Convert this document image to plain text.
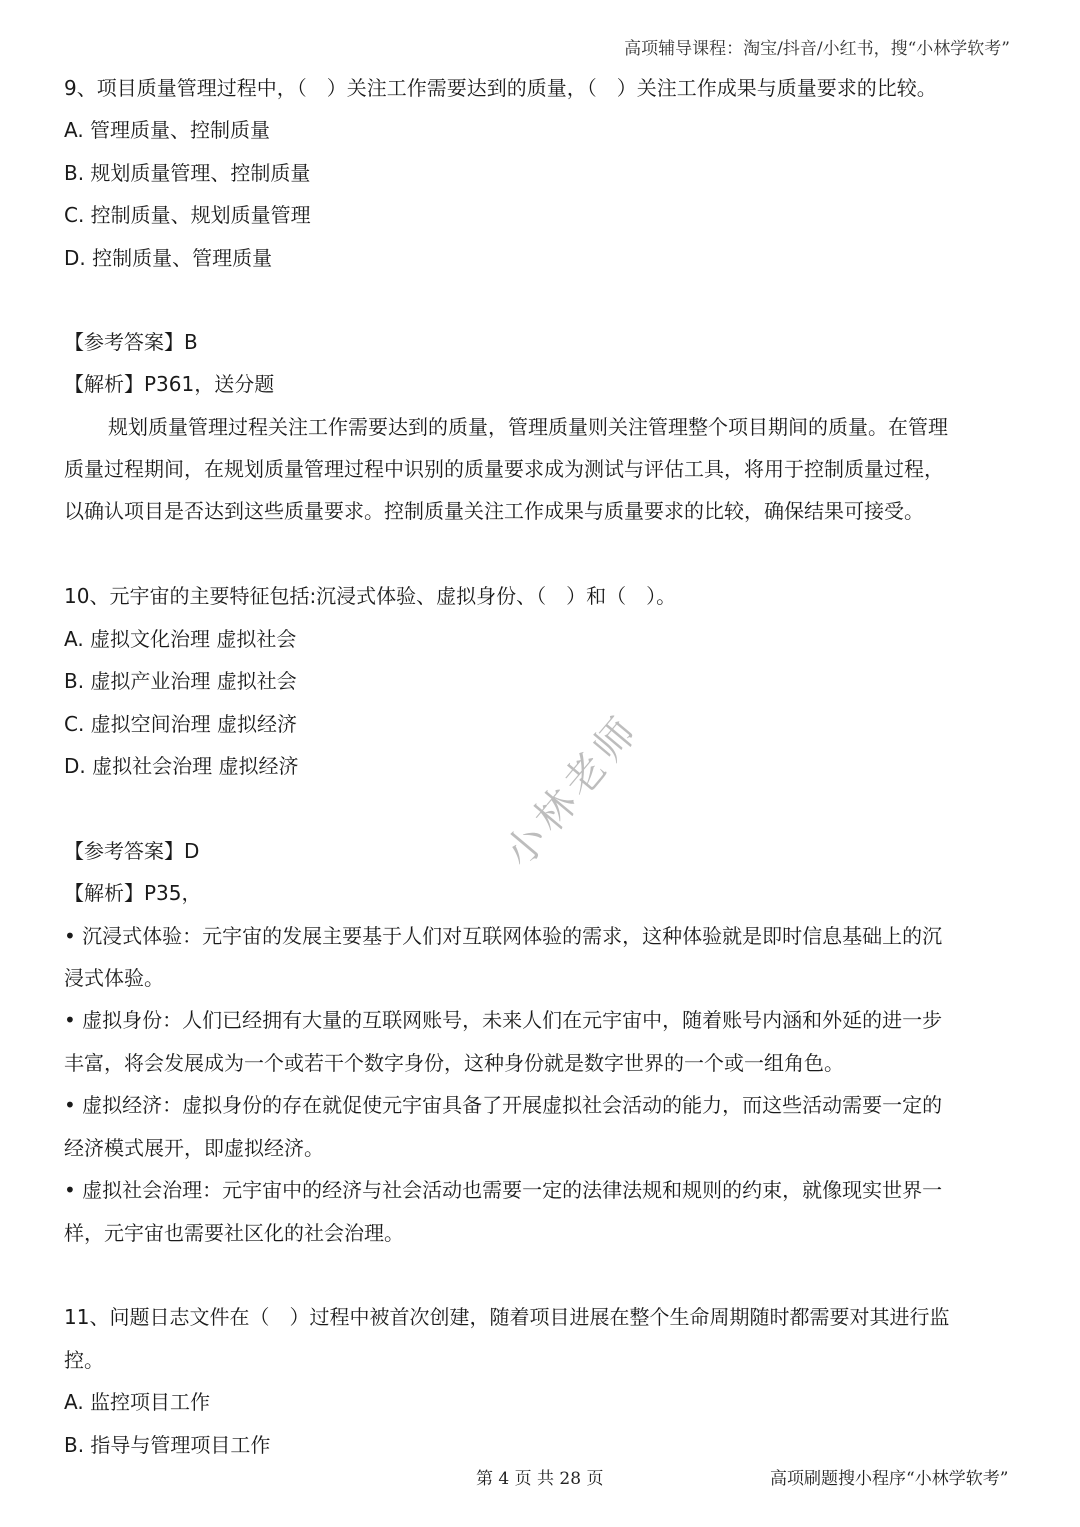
高项辅导课程：淘宝/抖音/小红书，搜“小林学软考”
9、项目质量管理过程中，（　）关注工作需要达到的质量，（　）关注工作成果与质量要求的比较。
A. 管理质量、控制质量
B. 规划质量管理、控制质量
C. 控制质量、规划质量管理
D. 控制质量、管理质量
【参考答案】B
【解析】P361，送分题
规划质量管理过程关注工作需要达到的质量，管理质量则关注管理整个项目期间的质量。在管理
质量过程期间，在规划质量管理过程中识别的质量要求成为测试与评估工具，将用于控制质量过程，
以确认项目是否达到这些质量要求。控制质量关注工作成果与质量要求的比较，确保结果可接受。
10、元宇宙的主要特征包括:沉浸式体验、虚拟身份、（　）和（　）。
A. 虚拟文化治理 虚拟社会
B. 虚拟产业治理 虚拟社会
C. 虚拟空间治理 虚拟经济
D. 虚拟社会治理 虚拟经济
【参考答案】D
【解析】P35，
• 沉浸式体验：元宇宙的发展主要基于人们对互联网体验的需求，这种体验就是即时信息基础上的沉
浸式体验。
• 虚拟身份：人们已经拥有大量的互联网账号，未来人们在元宇宙中，随着账号内涵和外延的进一步
丰富，将会发展成为一个或若干个数字身份，这种身份就是数字世界的一个或一组角色。
• 虚拟经济：虚拟身份的存在就促使元宇宙具备了开展虚拟社会活动的能力，而这些活动需要一定的
经济模式展开，即虚拟经济。
• 虚拟社会治理：元宇宙中的经济与社会活动也需要一定的法律法规和规则的约束，就像现实世界一
样，元宇宙也需要社区化的社会治理。
11、问题日志文件在（　）过程中被首次创建，随着项目进展在整个生命周期随时都需要对其进行监
控。
A. 监控项目工作
B. 指导与管理项目工作
小林老师
第 4 页 共 28 页	高项刷题搜小程序“小林学软考”
